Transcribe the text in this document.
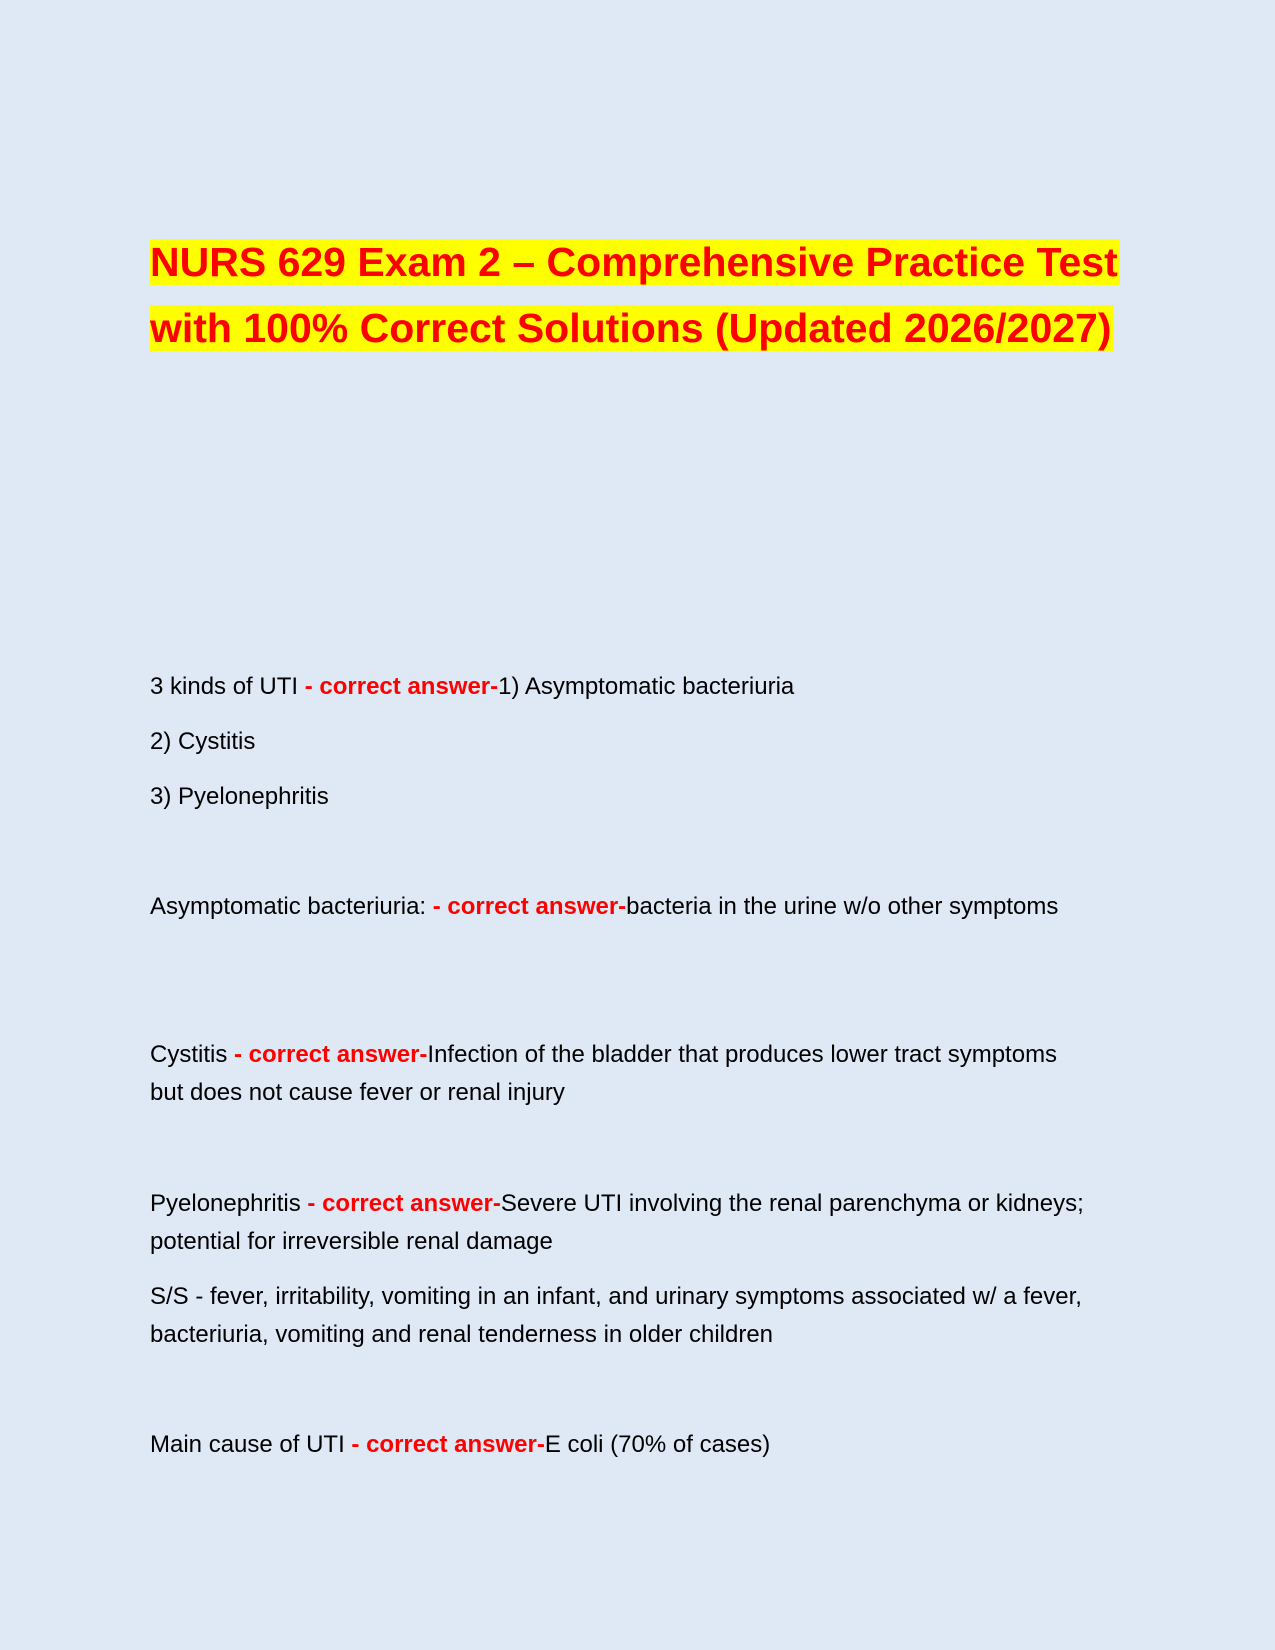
NURS 629 Exam 2 – Comprehensive Practice Test with 100% Correct Solutions (Updated 2026/2027)

3 kinds of UTI - correct answer-1) Asymptomatic bacteriuria

2) Cystitis

3) Pyelonephritis

Asymptomatic bacteriuria: - correct answer-bacteria in the urine w/o other symptoms

Cystitis - correct answer-Infection of the bladder that produces lower tract symptoms but does not cause fever or renal injury

Pyelonephritis - correct answer-Severe UTI involving the renal parenchyma or kidneys; potential for irreversible renal damage

S/S - fever, irritability, vomiting in an infant, and urinary symptoms associated w/ a fever, bacteriuria, vomiting and renal tenderness in older children

Main cause of UTI - correct answer-E coli (70% of cases)
